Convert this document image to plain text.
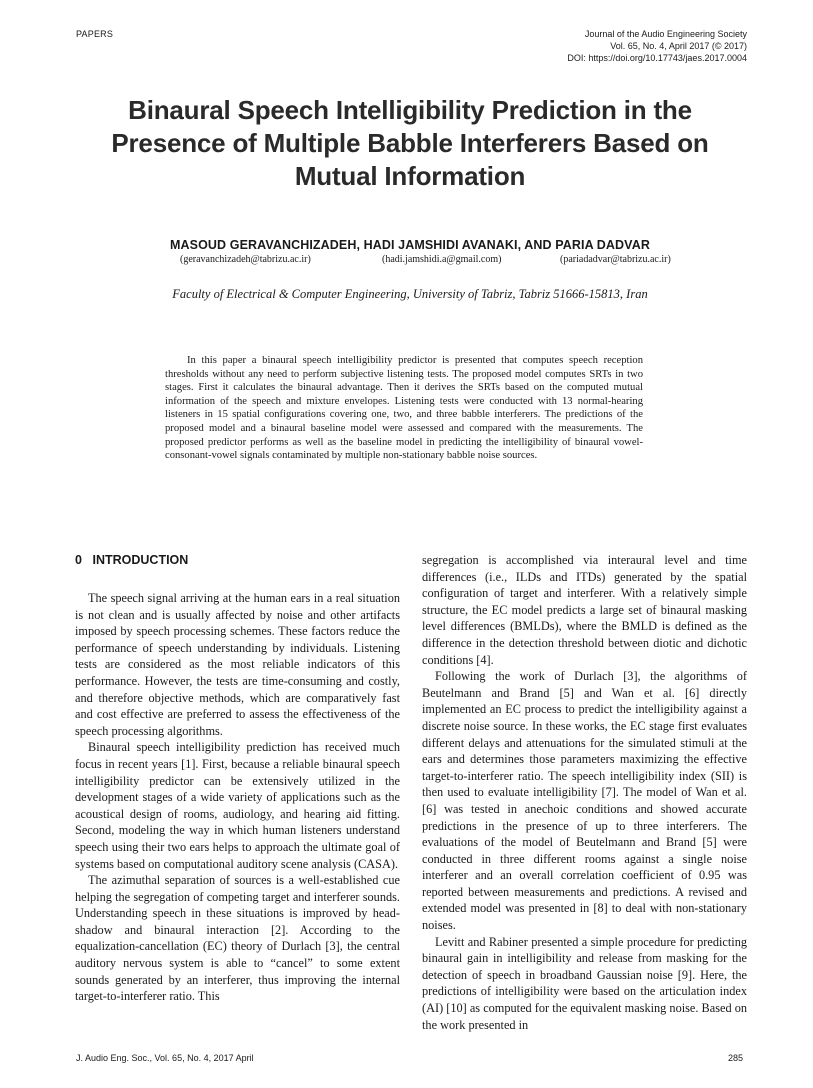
PAPERS	Journal of the Audio Engineering Society
Vol. 65, No. 4, April 2017 (© 2017)
DOI: https://doi.org/10.17743/jaes.2017.0004
Binaural Speech Intelligibility Prediction in the
Presence of Multiple Babble Interferers Based on
Mutual Information
MASOUD GERAVANCHIZADEH, HADI JAMSHIDI AVANAKI, AND PARIA DADVAR
(geravanchizadeh@tabrizu.ac.ir)	(hadi.jamshidi.a@gmail.com)	(pariadadvar@tabrizu.ac.ir)
Faculty of Electrical & Computer Engineering, University of Tabriz, Tabriz 51666-15813, Iran
In this paper a binaural speech intelligibility predictor is presented that computes speech reception thresholds without any need to perform subjective listening tests. The proposed model computes SRTs in two stages. First it calculates the binaural advantage. Then it derives the SRTs based on the computed mutual information of the speech and mixture envelopes. Listening tests were conducted with 13 normal-hearing listeners in 15 spatial configurations covering one, two, and three babble interferers. The predictions of the proposed model and a binaural baseline model were assessed and compared with the measurements. The proposed predictor performs as well as the baseline model in predicting the intelligibility of binaural vowel-consonant-vowel signals contaminated by multiple non-stationary babble noise sources.
0 INTRODUCTION

The speech signal arriving at the human ears in a real situation is not clean and is usually affected by noise and other artifacts imposed by speech processing schemes. These factors reduce the performance of speech understanding by individuals. Listening tests are considered as the most reliable indicators of this performance. However, the tests are time-consuming and costly, and therefore objective methods, which are comparatively fast and cost effective are preferred to assess the effectiveness of the speech processing algorithms.

Binaural speech intelligibility prediction has received much focus in recent years [1]. First, because a reliable binaural speech intelligibility predictor can be extensively utilized in the development stages of a wide variety of applications such as the acoustical design of rooms, audiology, and hearing aid fitting. Second, modeling the way in which human listeners understand speech using their two ears helps to approach the ultimate goal of systems based on computational auditory scene analysis (CASA).

The azimuthal separation of sources is a well-established cue helping the segregation of competing target and interferer sounds. Understanding speech in these situations is improved by head-shadow and binaural interaction [2]. According to the equalization-cancellation (EC) theory of Durlach [3], the central auditory nervous system is able to “cancel” to some extent sounds generated by an interferer, thus improving the internal target-to-interferer ratio. This

segregation is accomplished via interaural level and time differences (i.e., ILDs and ITDs) generated by the spatial configuration of target and interferer. With a relatively simple structure, the EC model predicts a large set of binaural masking level differences (BMLDs), where the BMLD is defined as the difference in the detection threshold between diotic and dichotic conditions [4].

Following the work of Durlach [3], the algorithms of Beutelmann and Brand [5] and Wan et al. [6] directly implemented an EC process to predict the intelligibility against a discrete noise source. In these works, the EC stage first evaluates different delays and attenuations for the simulated stimuli at the ears and determines those parameters maximizing the effective target-to-interferer ratio. The speech intelligibility index (SII) is then used to evaluate intelligibility [7]. The model of Wan et al. [6] was tested in anechoic conditions and showed accurate predictions in the presence of up to three interferers. The evaluations of the model of Beutelmann and Brand [5] were conducted in three different rooms against a single noise interferer and an overall correlation coefficient of 0.95 was reported between measurements and predictions. A revised and extended model was presented in [8] to deal with non-stationary noises.

Levitt and Rabiner presented a simple procedure for predicting binaural gain in intelligibility and release from masking for the detection of speech in broadband Gaussian noise [9]. Here, the predictions of intelligibility were based on the articulation index (AI) [10] as computed for the equivalent masking noise. Based on the work presented in

J. Audio Eng. Soc., Vol. 65, No. 4, 2017 April	285
